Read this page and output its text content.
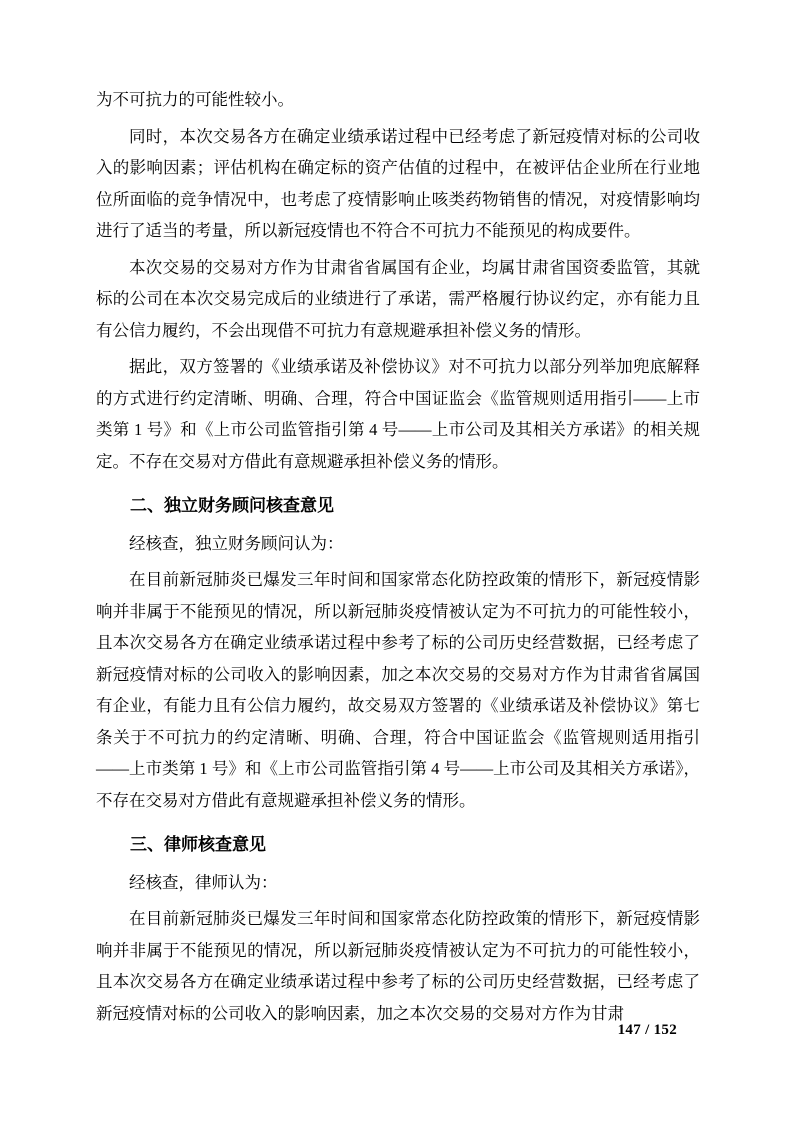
为不可抗力的可能性较小。

同时，本次交易各方在确定业绩承诺过程中已经考虑了新冠疫情对标的公司收入的影响因素；评估机构在确定标的资产估值的过程中，在被评估企业所在行业地位所面临的竞争情况中，也考虑了疫情影响止咳类药物销售的情况，对疫情影响均进行了适当的考量，所以新冠疫情也不符合不可抗力不能预见的构成要件。

本次交易的交易对方作为甘肃省省属国有企业，均属甘肃省国资委监管，其就标的公司在本次交易完成后的业绩进行了承诺，需严格履行协议约定，亦有能力且有公信力履约，不会出现借不可抗力有意规避承担补偿义务的情形。

据此，双方签署的《业绩承诺及补偿协议》对不可抗力以部分列举加兜底解释的方式进行约定清晰、明确、合理，符合中国证监会《监管规则适用指引——上市类第 1 号》和《上市公司监管指引第 4 号——上市公司及其相关方承诺》的相关规定。不存在交易对方借此有意规避承担补偿义务的情形。

二、独立财务顾问核查意见

经核查，独立财务顾问认为：

在目前新冠肺炎已爆发三年时间和国家常态化防控政策的情形下，新冠疫情影响并非属于不能预见的情况，所以新冠肺炎疫情被认定为不可抗力的可能性较小，且本次交易各方在确定业绩承诺过程中参考了标的公司历史经营数据，已经考虑了新冠疫情对标的公司收入的影响因素，加之本次交易的交易对方作为甘肃省省属国有企业，有能力且有公信力履约，故交易双方签署的《业绩承诺及补偿协议》第七条关于不可抗力的约定清晰、明确、合理，符合中国证监会《监管规则适用指引——上市类第 1 号》和《上市公司监管指引第 4 号——上市公司及其相关方承诺》，不存在交易对方借此有意规避承担补偿义务的情形。

三、律师核查意见

经核查，律师认为：

在目前新冠肺炎已爆发三年时间和国家常态化防控政策的情形下，新冠疫情影响并非属于不能预见的情况，所以新冠肺炎疫情被认定为不可抗力的可能性较小，且本次交易各方在确定业绩承诺过程中参考了标的公司历史经营数据，已经考虑了新冠疫情对标的公司收入的影响因素，加之本次交易的交易对方作为甘肃

147 / 152
